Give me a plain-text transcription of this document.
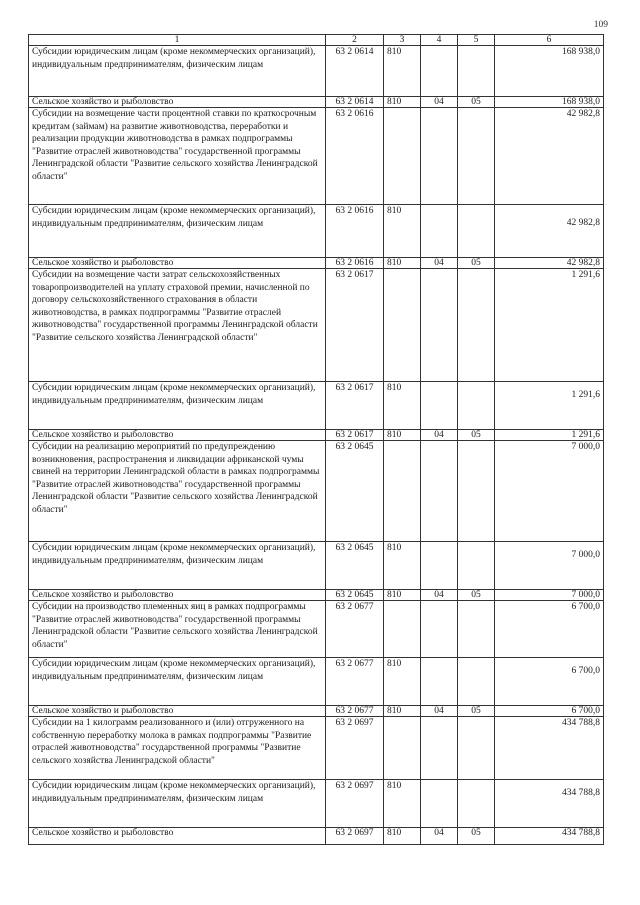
109
1	2	3	4	5	6
Субсидии юридическим лицам (кроме некоммерческих организаций), индивидуальным предпринимателям, физическим лицам	63 2 0614	810			168 938,0
Сельское хозяйство и рыболовство	63 2 0614	810	04	05	168 938,0
Субсидии на возмещение части процентной ставки по краткосрочным кредитам (займам) на развитие животноводства, переработки и реализации продукции животноводства в рамках подпрограммы "Развитие отраслей животноводства" государственной программы Ленинградской области "Развитие сельского хозяйства Ленинградской области"	63 2 0616				42 982,8
Субсидии юридическим лицам (кроме некоммерческих организаций), индивидуальным предпринимателям, физическим лицам	63 2 0616	810			42 982,8
Сельское хозяйство и рыболовство	63 2 0616	810	04	05	42 982,8
Субсидии на возмещение части затрат сельскохозяйственных товаропроизводителей на уплату страховой премии, начисленной по договору сельскохозяйственного страхования в области животноводства, в рамках подпрограммы "Развитие отраслей животноводства" государственной программы Ленинградской области "Развитие сельского хозяйства Ленинградской области"	63 2 0617				1 291,6
Субсидии юридическим лицам (кроме некоммерческих организаций), индивидуальным предпринимателям, физическим лицам	63 2 0617	810			1 291,6
Сельское хозяйство и рыболовство	63 2 0617	810	04	05	1 291,6
Субсидии на реализацию мероприятий по предупреждению возникновения, распространения и ликвидации африканской чумы свиней на территории Ленинградской области в рамках подпрограммы "Развитие отраслей животноводства" государственной программы Ленинградской области "Развитие сельского хозяйства Ленинградской области"	63 2 0645				7 000,0
Субсидии юридическим лицам (кроме некоммерческих организаций), индивидуальным предпринимателям, физическим лицам	63 2 0645	810			7 000,0
Сельское хозяйство и рыболовство	63 2 0645	810	04	05	7 000,0
Субсидии на производство племенных яиц в рамках подпрограммы "Развитие отраслей животноводства" государственной программы Ленинградской области "Развитие сельского хозяйства Ленинградской области"	63 2 0677				6 700,0
Субсидии юридическим лицам (кроме некоммерческих организаций), индивидуальным предпринимателям, физическим лицам	63 2 0677	810			6 700,0
Сельское хозяйство и рыболовство	63 2 0677	810	04	05	6 700,0
Субсидии на 1 килограмм реализованного и (или) отгруженного на собственную переработку молока в рамках подпрограммы "Развитие отраслей животноводства" государственной программы "Развитие сельского хозяйства Ленинградской области"	63 2 0697				434 788,8
Субсидии юридическим лицам (кроме некоммерческих организаций), индивидуальным предпринимателям, физическим лицам	63 2 0697	810			434 788,8
Сельское хозяйство и рыболовство	63 2 0697	810	04	05	434 788,8
